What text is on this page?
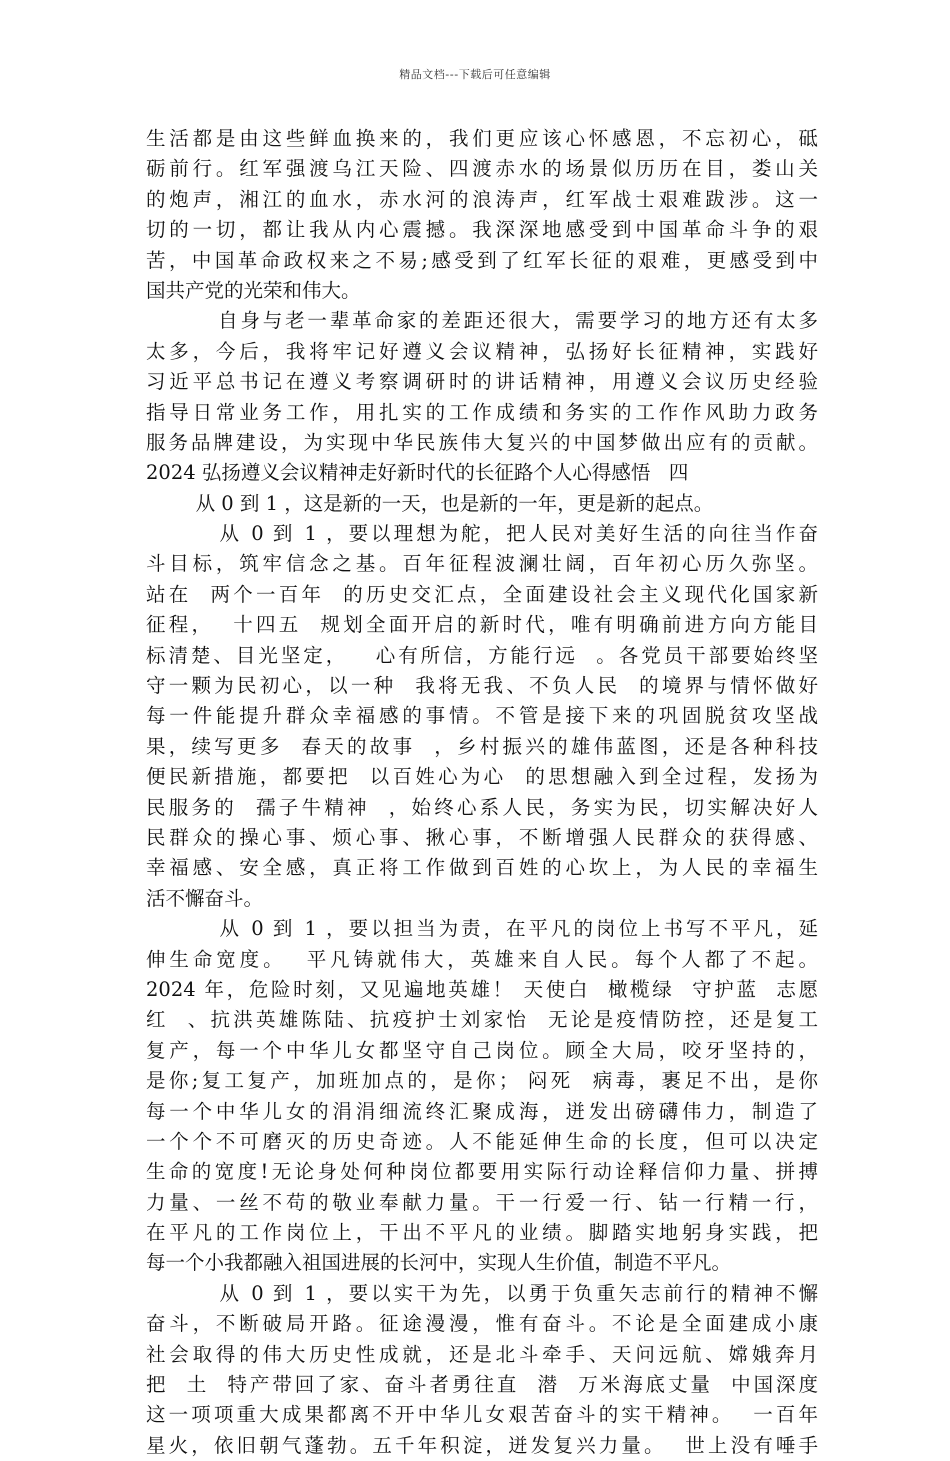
精品文档---下载后可任意编辑
生活都是由这些鲜血换来的，我们更应该心怀感恩，不忘初心，砥
砺前行。红军强渡乌江天险、四渡赤水的场景似历历在目，娄山关
的炮声，湘江的血水，赤水河的浪涛声，红军战士艰难跋涉。这一
切的一切，都让我从内心震撼。我深深地感受到中国革命斗争的艰
苦，中国革命政权来之不易;感受到了红军长征的艰难，更感受到中
国共产党的光荣和伟大。
自身与老一辈革命家的差距还很大，需要学习的地方还有太多
太多，今后，我将牢记好遵义会议精神，弘扬好长征精神，实践好
习近平总书记在遵义考察调研时的讲话精神，用遵义会议历史经验
指导日常业务工作，用扎实的工作成绩和务实的工作作风助力政务
服务品牌建设，为实现中华民族伟大复兴的中国梦做出应有的贡献。
2024 弘扬遵义会议精神走好新时代的长征路个人心得感悟   四
从 0 到 1 ，这是新的一天，也是新的一年，更是新的起点。
从 0 到 1 ，要以理想为舵，把人民对美好生活的向往当作奋
斗目标，筑牢信念之基。百年征程波澜壮阔，百年初心历久弥坚。
站在  两个一百年  的历史交汇点，全面建设社会主义现代化国家新
征程，  十四五  规划全面开启的新时代，唯有明确前进方向方能目
标清楚、目光坚定，   心有所信，方能行远  。各党员干部要始终坚
守一颗为民初心，以一种  我将无我、不负人民  的境界与情怀做好
每一件能提升群众幸福感的事情。不管是接下来的巩固脱贫攻坚战
果，续写更多  春天的故事  ，乡村振兴的雄伟蓝图，还是各种科技
便民新措施，都要把  以百姓心为心  的思想融入到全过程，发扬为
民服务的  孺子牛精神  ，始终心系人民，务实为民，切实解决好人
民群众的操心事、烦心事、揪心事，不断增强人民群众的获得感、
幸福感、安全感，真正将工作做到百姓的心坎上，为人民的幸福生
活不懈奋斗。
从 0 到 1 ，要以担当为责，在平凡的岗位上书写不平凡，延
伸生命宽度。  平凡铸就伟大，英雄来自人民。每个人都了不起。
2024 年，危险时刻，又见遍地英雄！ 天使白  橄榄绿  守护蓝  志愿
红  、抗洪英雄陈陆、抗疫护士刘家怡  无论是疫情防控，还是复工
复产，每一个中华儿女都坚守自己岗位。顾全大局，咬牙坚持的，
是你;复工复产，加班加点的，是你； 闷死  病毒，裹足不出，是你
每一个中华儿女的涓涓细流终汇聚成海，迸发出磅礴伟力，制造了
一个个不可磨灭的历史奇迹。人不能延伸生命的长度，但可以决定
生命的宽度!无论身处何种岗位都要用实际行动诠释信仰力量、拼搏
力量、一丝不苟的敬业奉献力量。干一行爱一行、钻一行精一行，
在平凡的工作岗位上，干出不平凡的业绩。脚踏实地躬身实践，把
每一个小我都融入祖国进展的长河中，实现人生价值，制造不平凡。
从 0 到 1 ，要以实干为先，以勇于负重矢志前行的精神不懈
奋斗，不断破局开路。征途漫漫，惟有奋斗。不论是全面建成小康
社会取得的伟大历史性成就，还是北斗牵手、天问远航、嫦娥奔月
把  土  特产带回了家、奋斗者勇往直  潜  万米海底丈量  中国深度
这一项项重大成果都离不开中华儿女艰苦奋斗的实干精神。  一百年
星火，依旧朝气蓬勃。五千年积淀，迸发复兴力量。  世上没有唾手
